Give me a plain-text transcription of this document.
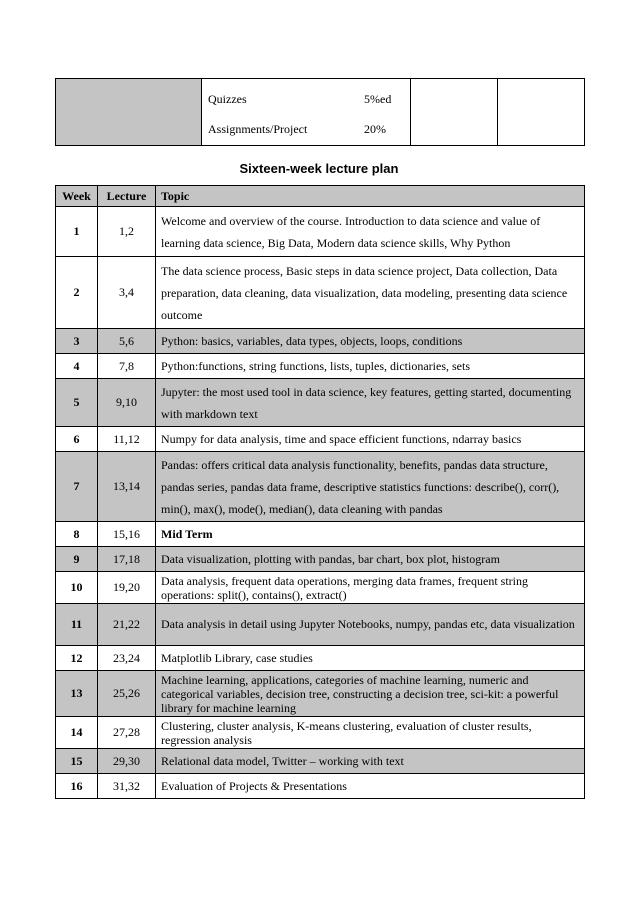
Quizzes	5%ed
Assignments/Project	20%

Sixteen-week lecture plan
Week	Lecture	Topic
1	1,2	Welcome and overview of the course. Introduction to data science and value of learning data science, Big Data, Modern data science skills, Why Python
2	3,4	The data science process, Basic steps in data science project, Data collection, Data preparation, data cleaning, data visualization, data modeling, presenting data science outcome
3	5,6	Python: basics, variables, data types, objects, loops, conditions
4	7,8	Python:functions, string functions, lists, tuples, dictionaries, sets
5	9,10	Jupyter: the most used tool in data science, key features, getting started, documenting with markdown text
6	11,12	Numpy for data analysis, time and space efficient functions, ndarray basics
7	13,14	Pandas: offers critical data analysis functionality, benefits, pandas data structure, pandas series, pandas data frame, descriptive statistics functions: describe(), corr(), min(), max(), mode(), median(), data cleaning with pandas
8	15,16	Mid Term
9	17,18	Data visualization, plotting with pandas, bar chart, box plot, histogram
10	19,20	Data analysis, frequent data operations, merging data frames, frequent string operations: split(), contains(), extract()
11	21,22	Data analysis in detail using Jupyter Notebooks, numpy, pandas etc, data visualization
12	23,24	Matplotlib Library, case studies
13	25,26	Machine learning, applications, categories of machine learning, numeric and categorical variables, decision tree, constructing a decision tree, sci-kit: a powerful library for machine learning
14	27,28	Clustering, cluster analysis, K-means clustering, evaluation of cluster results, regression analysis
15	29,30	Relational data model, Twitter – working with text
16	31,32	Evaluation of Projects & Presentations
